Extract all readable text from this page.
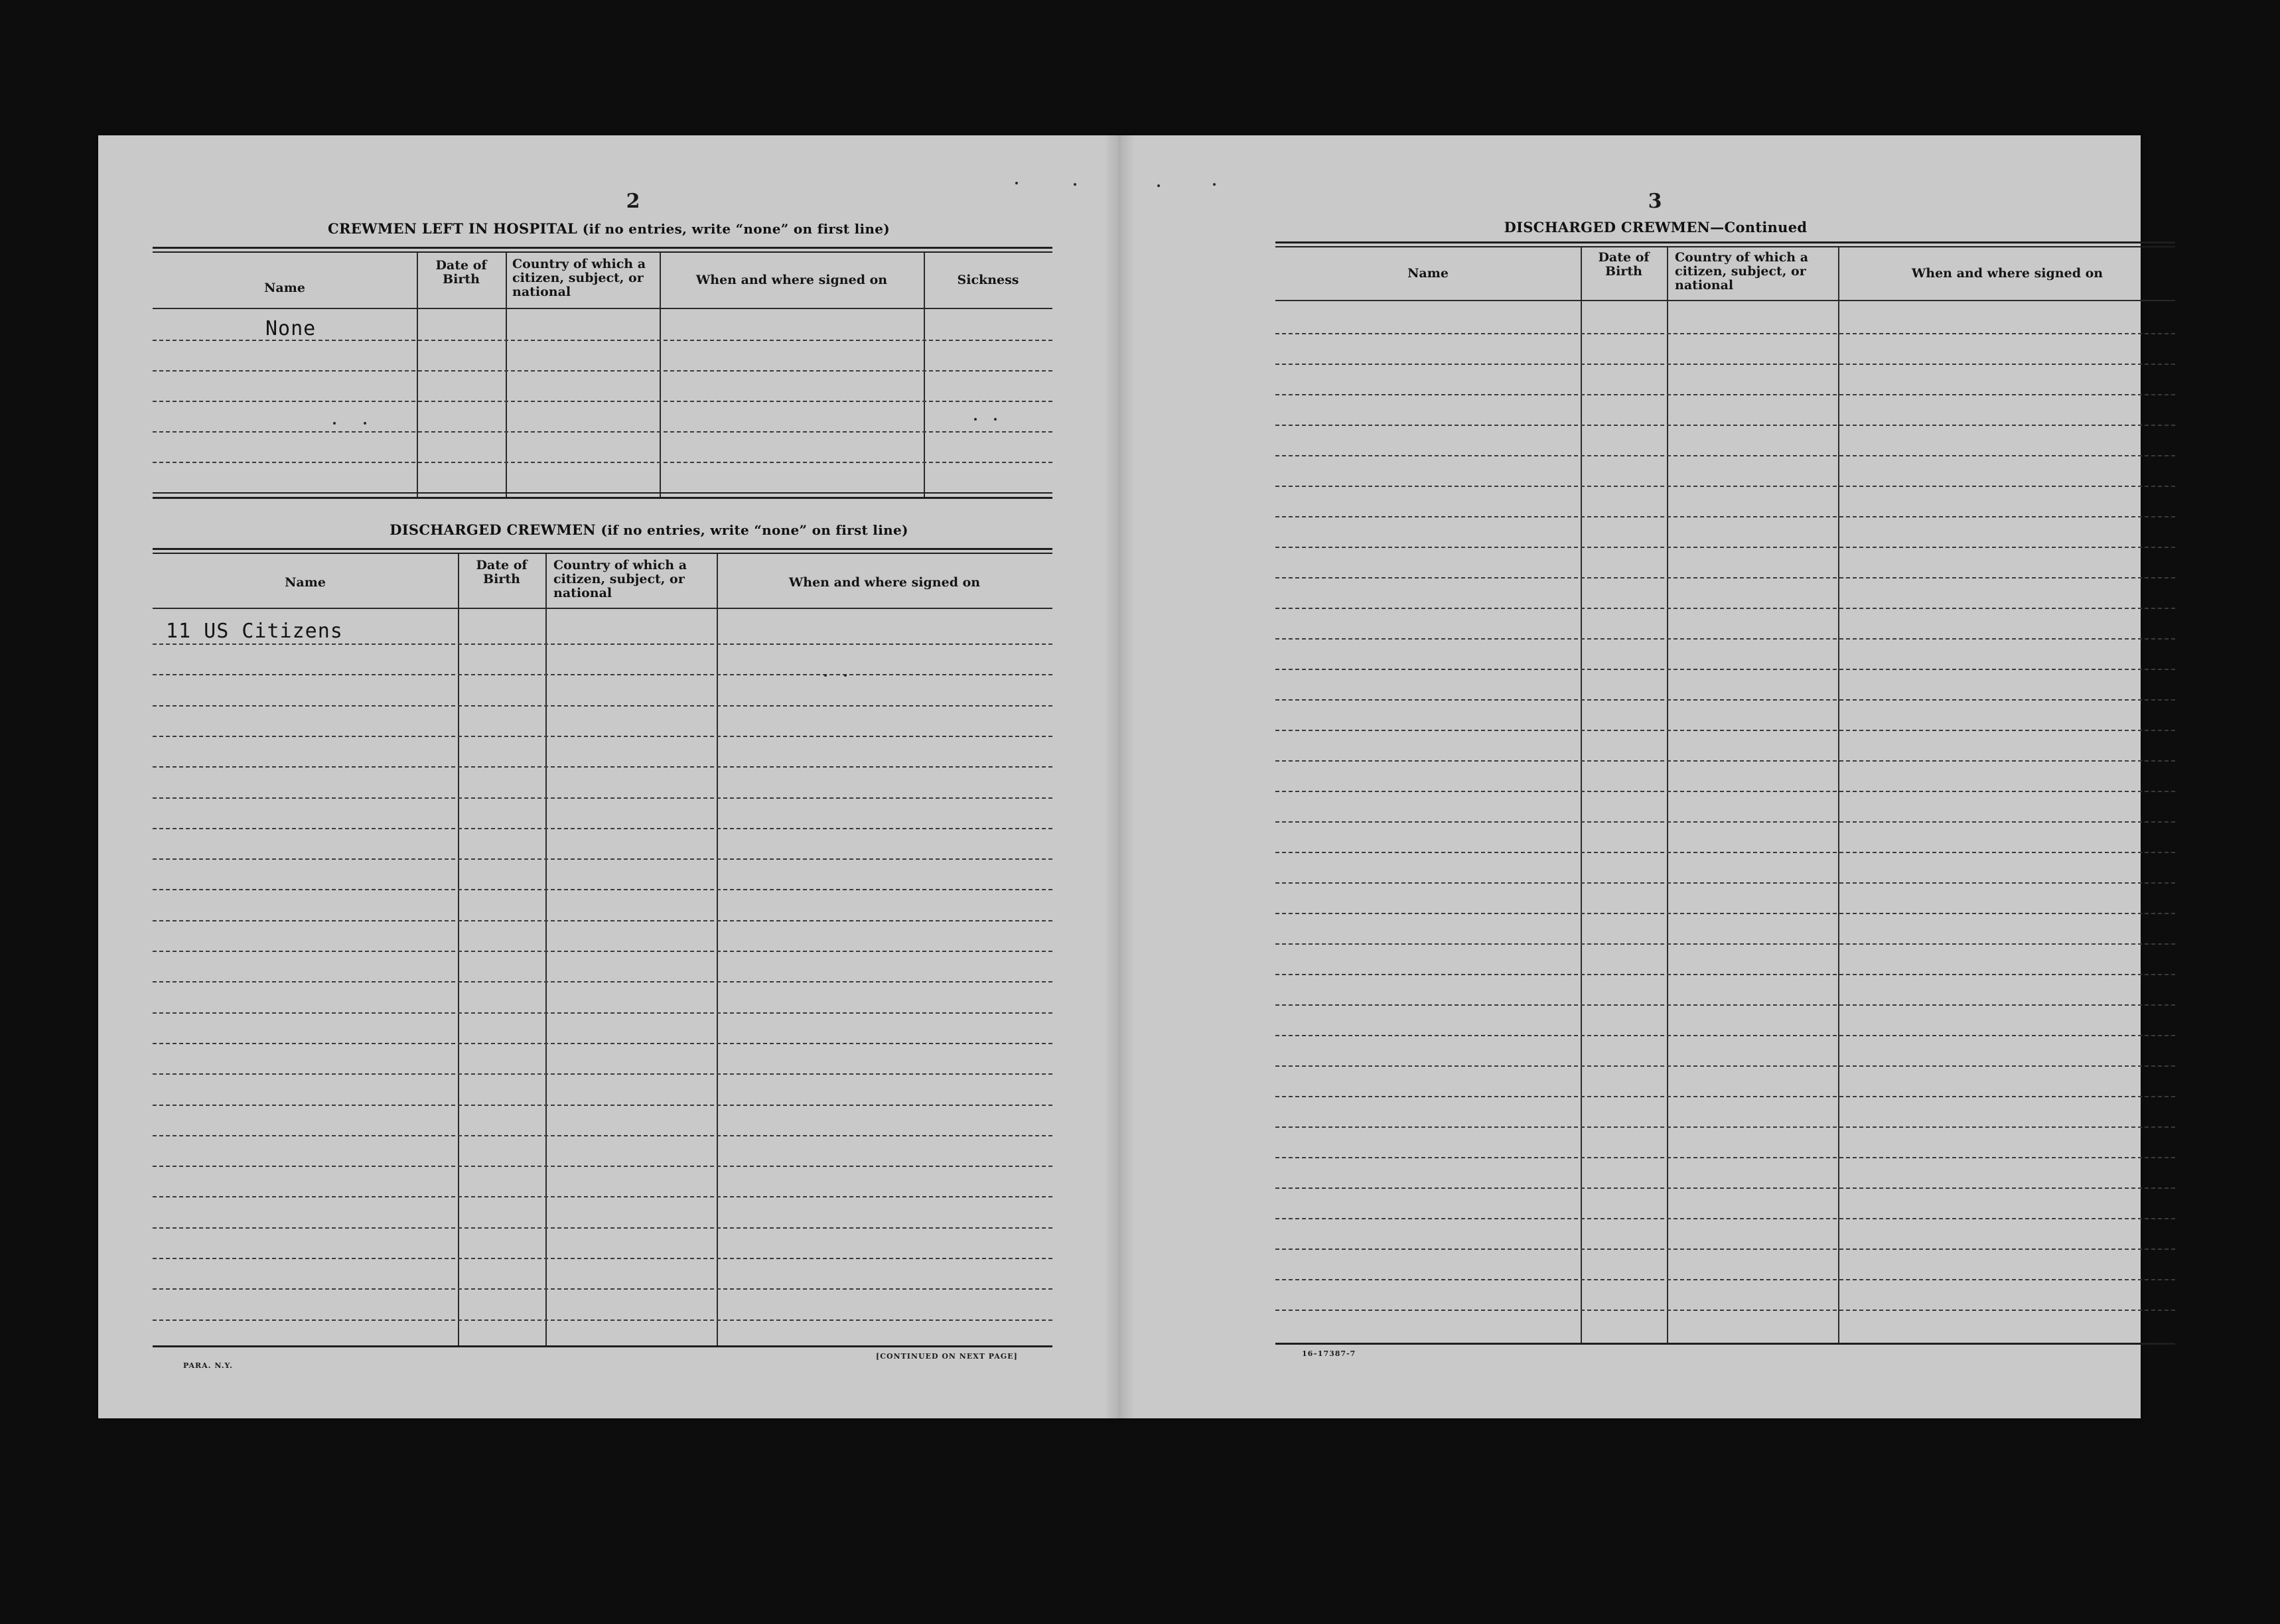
2
CREWMEN LEFT IN HOSPITAL (if no entries, write “none” on first line)
Name
Date of Birth
Country of which a citizen, subject, or national
When and where signed on	Sickness
None
DISCHARGED CREWMEN (if no entries, write “none” on first line)
Name
Date of Birth
Country of which a citizen, subject, or national
When and where signed on
11 US Citizens
PARA. N.Y.
[CONTINUED ON NEXT PAGE]
3
DISCHARGED CREWMEN—Continued
Name
Date of Birth
Country of which a citizen, subject, or national
When and where signed on
16–17387-7
